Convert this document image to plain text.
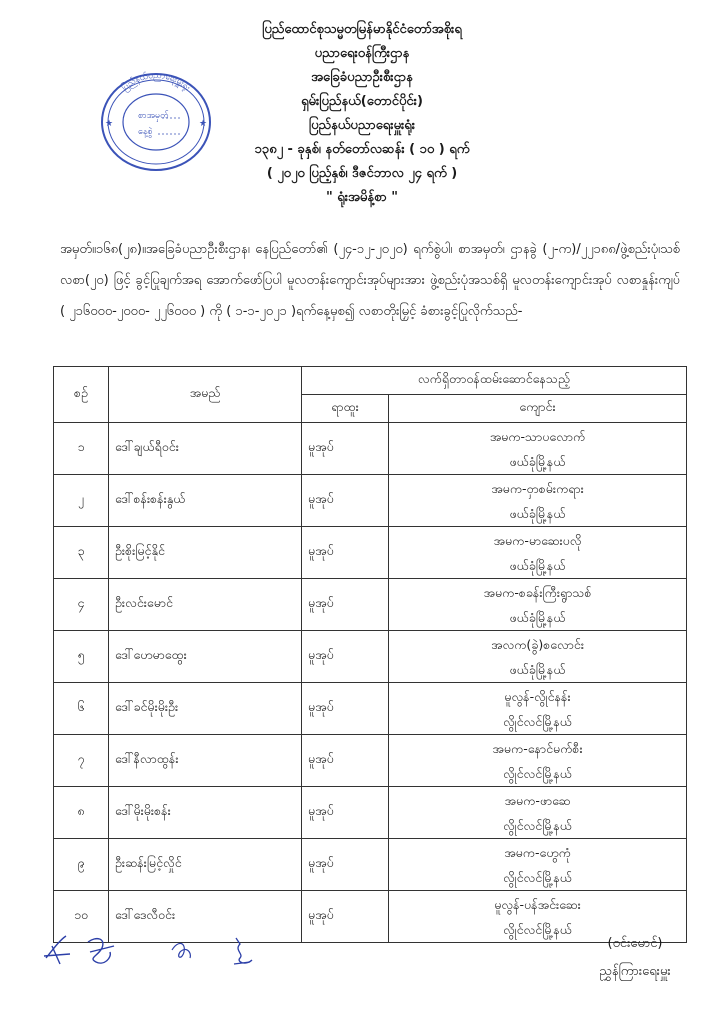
ပြည်နယ်ပညာရေးမှူးရုံး
★	★
စာအမှတ်
နေ့စွဲ
ပြည်ထောင်စုသမ္မတမြန်မာနိုင်ငံတော်အစိုးရ
ပညာရေးဝန်ကြီးဌာန
အခြေခံပညာဦးစီးဌာန
ရှမ်းပြည်နယ်(တောင်ပိုင်း)
ပြည်နယ်ပညာရေးမှူးရုံး
၁၃၈၂ - ခုနှစ်၊ နတ်တော်လဆန်း ( ၁၀ ) ရက်
( ၂၀၂၀ ပြည့်နှစ်၊ ဒီဇင်ဘာလ ၂၄ ရက် )
" ရုံးအမိန့်စာ "
အမှတ်။၁၆၈(၂၈)။အခြေခံပညာဦးစီးဌာန၊ နေပြည်တော်၏ (၂၄-၁၂-၂၀၂၀) ရက်စွဲပါ၊ စာအမှတ်၊ ဌာနခွဲ (၂-က)/၂၂၁၈၈/ဖွဲ့စည်းပုံ၊သစ်လစာ(၂၀) ဖြင့် ခွင့်ပြုချက်အရ အောက်ဖော်ပြပါ မူလတန်းကျောင်းအုပ်များအား ဖွဲ့စည်းပုံအသစ်ရှိ မူလတန်းကျောင်းအုပ် လစာနှုန်းကျပ် ( ၂၁၆၀၀၀-၂၀၀၀- ၂၂၆၀၀၀ ) ကို ( ၁-၁-၂၀၂၁ )ရက်နေ့မှစ၍ လစာတိုးမြှင့် ခံစားခွင့်ပြုလိုက်သည်-
စဉ်	အမည်	လက်ရှိတာဝန်ထမ်းဆောင်နေသည့်	
		ရာထူး	ကျောင်း
၁	ဒေါ်ချယ်ရီဝင်း	မူအုပ်	အမက-သာပလောက်
ဖယ်ခုံမြို့နယ်

၂	ဒေါ်စန်းစန်းနွယ်	မူအုပ်	အမက-ဝှာစမ်းကရား
ဖယ်ခုံမြို့နယ်

၃	ဦးစိုးမြင့်နိုင်	မူအုပ်	အမက-မာဆေးပလို
ဖယ်ခုံမြို့နယ်

၄	ဦးလင်းမောင်	မူအုပ်	အမက-စခန်းကြီးရွာသစ်
ဖယ်ခုံမြို့နယ်

၅	ဒေါ်ဟေမာထွေး	မူအုပ်	အလက(ခွဲ)စလောင်း
ဖယ်ခုံမြို့နယ်

၆	ဒေါ်ခင်မိုးမိုးဦး	မူအုပ်	မူလွန်-လွိုင်နန်း
လွိုင်လင်မြို့နယ်

၇	ဒေါ်နီလာထွန်း	မူအုပ်	အမက-နောင်မက်စီး
လွိုင်လင်မြို့နယ်

၈	ဒေါ်မိုးမိုးစန်း	မူအုပ်	အမက-ဖာဆေ
လွိုင်လင်မြို့နယ်

၉	ဦးဆန်းမြင့်လှိုင်	မူအုပ်	အမက-ဟွေကုံ
လွိုင်လင်မြို့နယ်

၁၀	ဒေါ်ဒေလီဝင်း	မူအုပ်	မူလွန်-ပန်အင်းဆေး
လွိုင်လင်မြို့နယ်
(ဝင်းမောင်)
ညွှန်ကြားရေးမှူး
